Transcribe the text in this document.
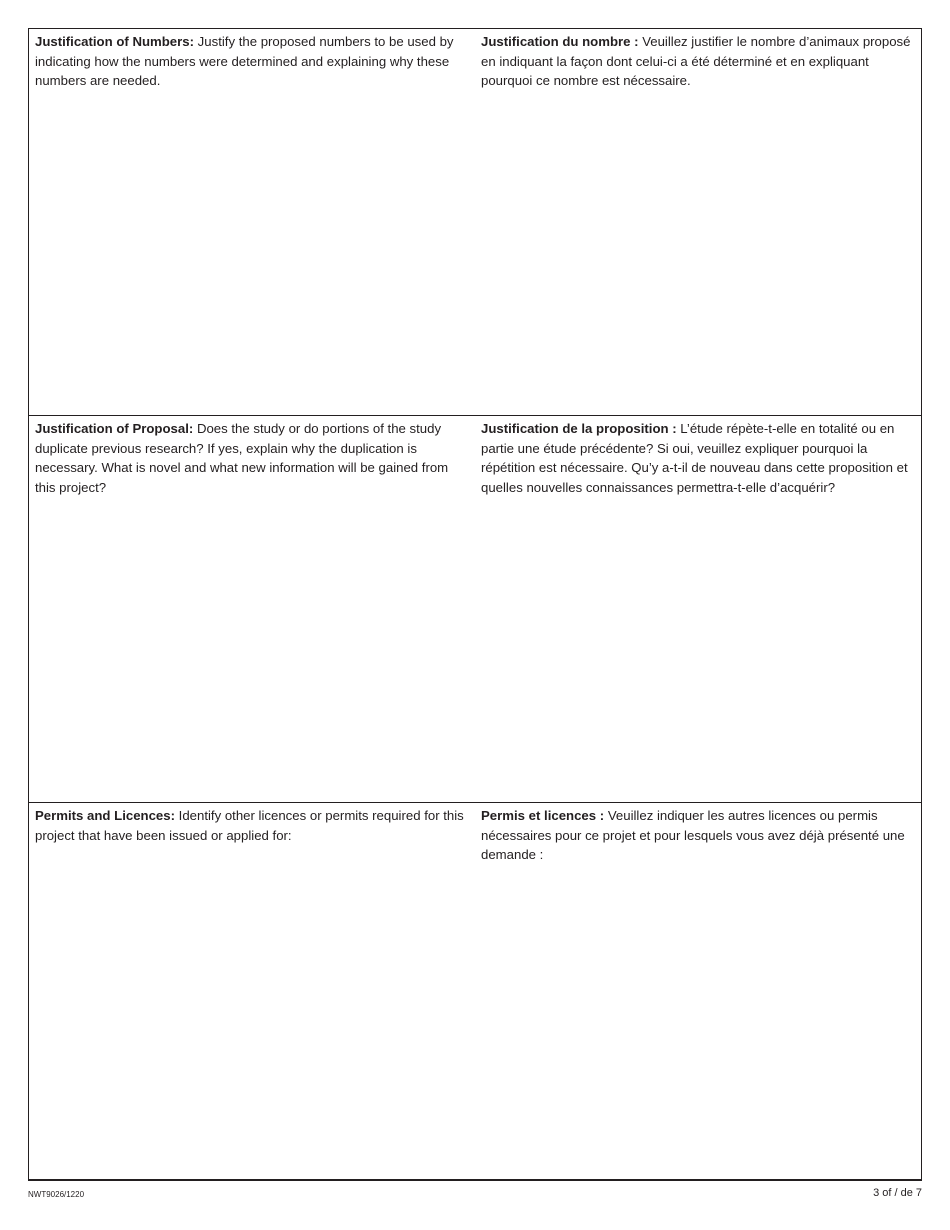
Justification of Numbers: Justify the proposed numbers to be used by indicating how the numbers were determined and explaining why these numbers are needed.
Justification du nombre : Veuillez justifier le nombre d’animaux proposé en indiquant la façon dont celui-ci a été déterminé et en expliquant pourquoi ce nombre est nécessaire.
Justification of Proposal: Does the study or do portions of the study duplicate previous research? If yes, explain why the duplication is necessary. What is novel and what new information will be gained from this project?
Justification de la proposition : L’étude répète-t-elle en totalité ou en partie une étude précédente? Si oui, veuillez expliquer pourquoi la répétition est nécessaire. Qu’y a-t-il de nouveau dans cette proposition et quelles nouvelles connaissances permettra-t-elle d’acquérir?
Permits and Licences: Identify other licences or permits required for this project that have been issued or applied for:
Permis et licences : Veuillez indiquer les autres licences ou permis nécessaires pour ce projet et pour lesquels vous avez déjà présenté une demande :
NWT9026/1220	3 of / de 7
